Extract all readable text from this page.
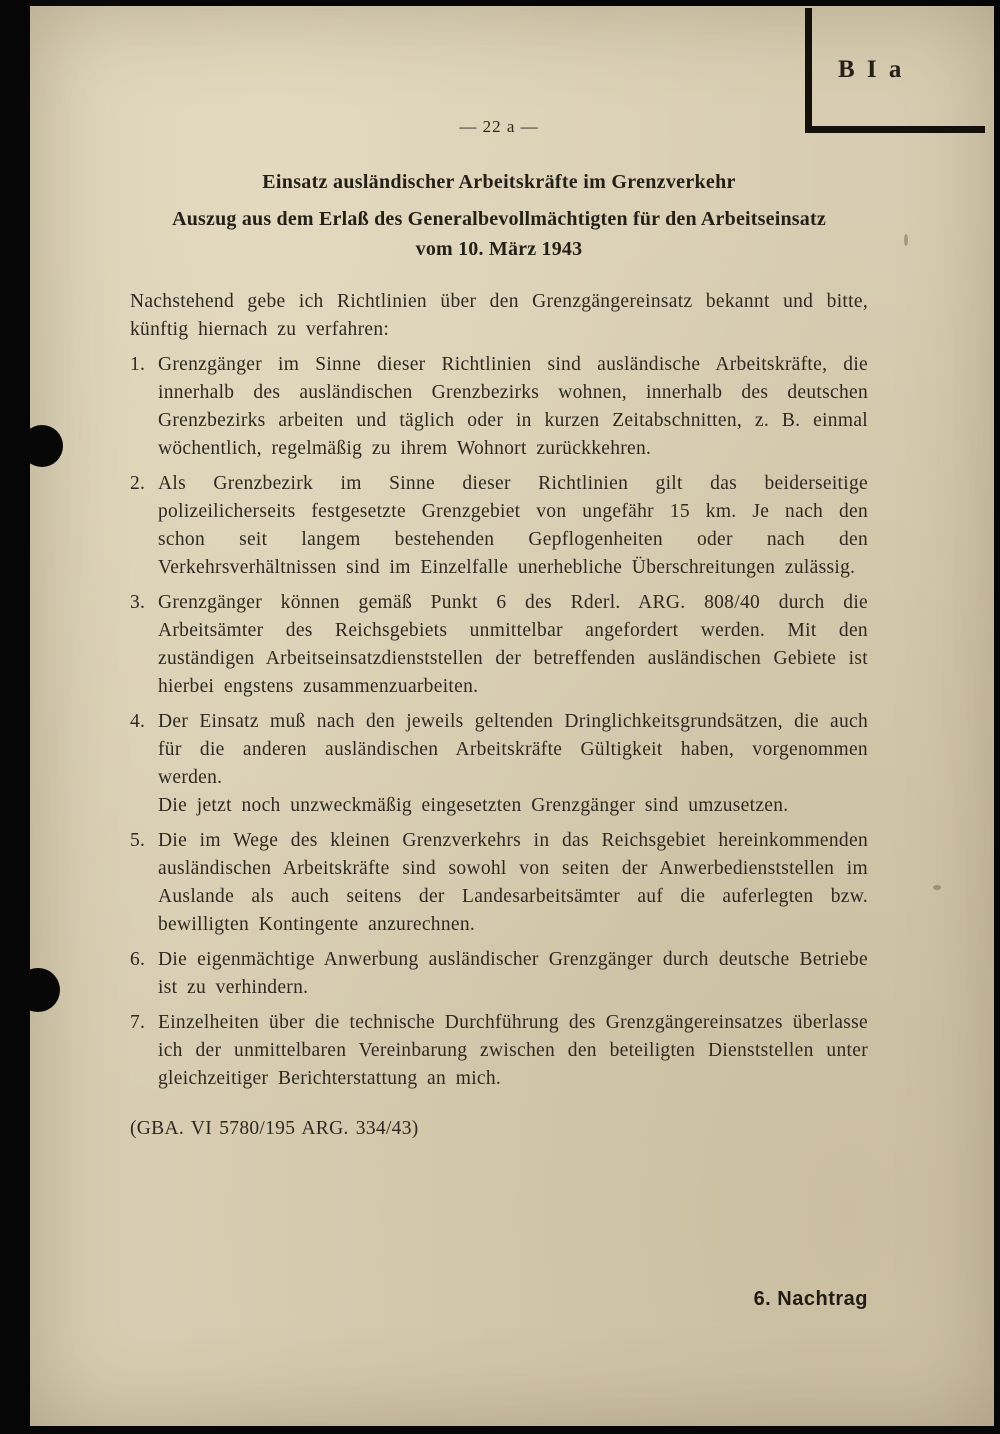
B I a
— 22 a —
Einsatz ausländischer Arbeitskräfte im Grenzverkehr
Auszug aus dem Erlaß des Generalbevollmächtigten für den Arbeitseinsatz
vom 10. März 1943

Nachstehend gebe ich Richtlinien über den Grenzgängereinsatz bekannt und bitte, künftig hiernach zu verfahren:

1. Grenzgänger im Sinne dieser Richtlinien sind ausländische Arbeitskräfte, die innerhalb des ausländischen Grenzbezirks wohnen, innerhalb des deutschen Grenzbezirks arbeiten und täglich oder in kurzen Zeitabschnitten, z. B. einmal wöchentlich, regelmäßig zu ihrem Wohnort zurückkehren.

2. Als Grenzbezirk im Sinne dieser Richtlinien gilt das beiderseitige polizeilicherseits festgesetzte Grenzgebiet von ungefähr 15 km. Je nach den schon seit langem bestehenden Gepflogenheiten oder nach den Verkehrsverhältnissen sind im Einzelfalle unerhebliche Überschreitungen zulässig.

3. Grenzgänger können gemäß Punkt 6 des Rderl. ARG. 808/40 durch die Arbeitsämter des Reichsgebiets unmittelbar angefordert werden. Mit den zuständigen Arbeitseinsatzdienststellen der betreffenden ausländischen Gebiete ist hierbei engstens zusammenzuarbeiten.

4. Der Einsatz muß nach den jeweils geltenden Dringlichkeitsgrundsätzen, die auch für die anderen ausländischen Arbeitskräfte Gültigkeit haben, vorgenommen werden.

Die jetzt noch unzweckmäßig eingesetzten Grenzgänger sind umzusetzen.

5. Die im Wege des kleinen Grenzverkehrs in das Reichsgebiet hereinkommenden ausländischen Arbeitskräfte sind sowohl von seiten der Anwerbedienststellen im Auslande als auch seitens der Landesarbeitsämter auf die auferlegten bzw. bewilligten Kontingente anzurechnen.

6. Die eigenmächtige Anwerbung ausländischer Grenzgänger durch deutsche Betriebe ist zu verhindern.

7. Einzelheiten über die technische Durchführung des Grenzgängereinsatzes überlasse ich der unmittelbaren Vereinbarung zwischen den beteiligten Dienststellen unter gleichzeitiger Berichterstattung an mich.

(GBA. VI 5780/195 ARG. 334/43)

6. Nachtrag
